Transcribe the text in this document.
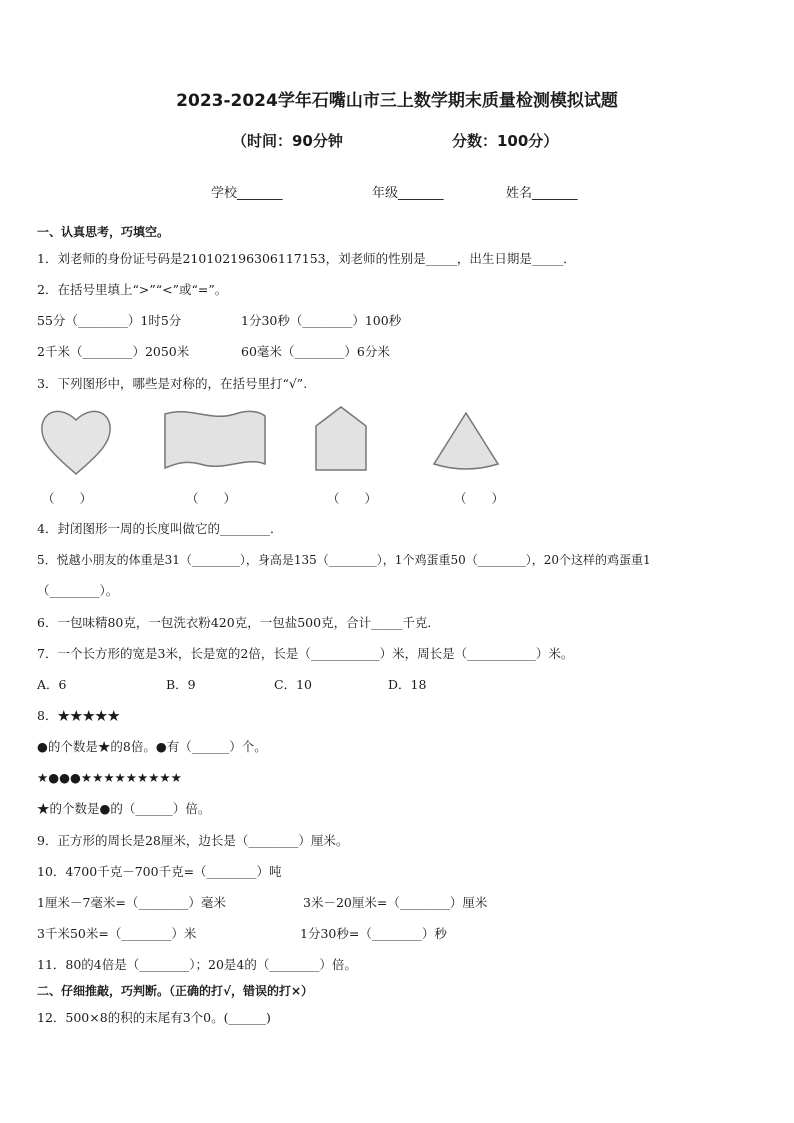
2023-2024学年石嘴山市三上数学期末质量检测模拟试题
（时间：90分钟	分数：100分）
学校_______	年级_______	姓名_______
一、认真思考，巧填空。
1．刘老师的身份证号码是210102196306117153，刘老师的性别是_____，出生日期是_____．
2．在括号里填上“>”“<”或“=”。
55分（________）1时5分	1分30秒（________）100秒
2千米（________）2050米	60毫米（________）6分米
3．下列图形中，哪些是对称的，在括号里打“√”.
（　　）	（　　）	（　　）	（　　）
4．封闭图形一周的长度叫做它的________．
5．悦越小朋友的体重是31（________），身高是135（________），1个鸡蛋重50（________），20个这样的鸡蛋重1
（________）。
6．一包味精80克，一包洗衣粉420克，一包盐500克，合计_____千克．
7．一个长方形的宽是3米，长是宽的2倍，长是（___________）米，周长是（___________）米。
A．6	B．9	C．10	D．18
8．★★★★★
●的个数是★的8倍。●有（______）个。
★●●●★★★★★★★★★
★的个数是●的（______）倍。
9．正方形的周长是28厘米，边长是（________）厘米。
10．4700千克－700千克=（________）吨
1厘米－7毫米=（________）毫米	3米－20厘米=（________）厘米
3千米50米=（________）米	1分30秒=（________）秒
11．80的4倍是（________）；20是4的（________）倍。
二、仔细推敲，巧判断。（正确的打√，错误的打×）
12．500×8的积的末尾有3个0。(______)
